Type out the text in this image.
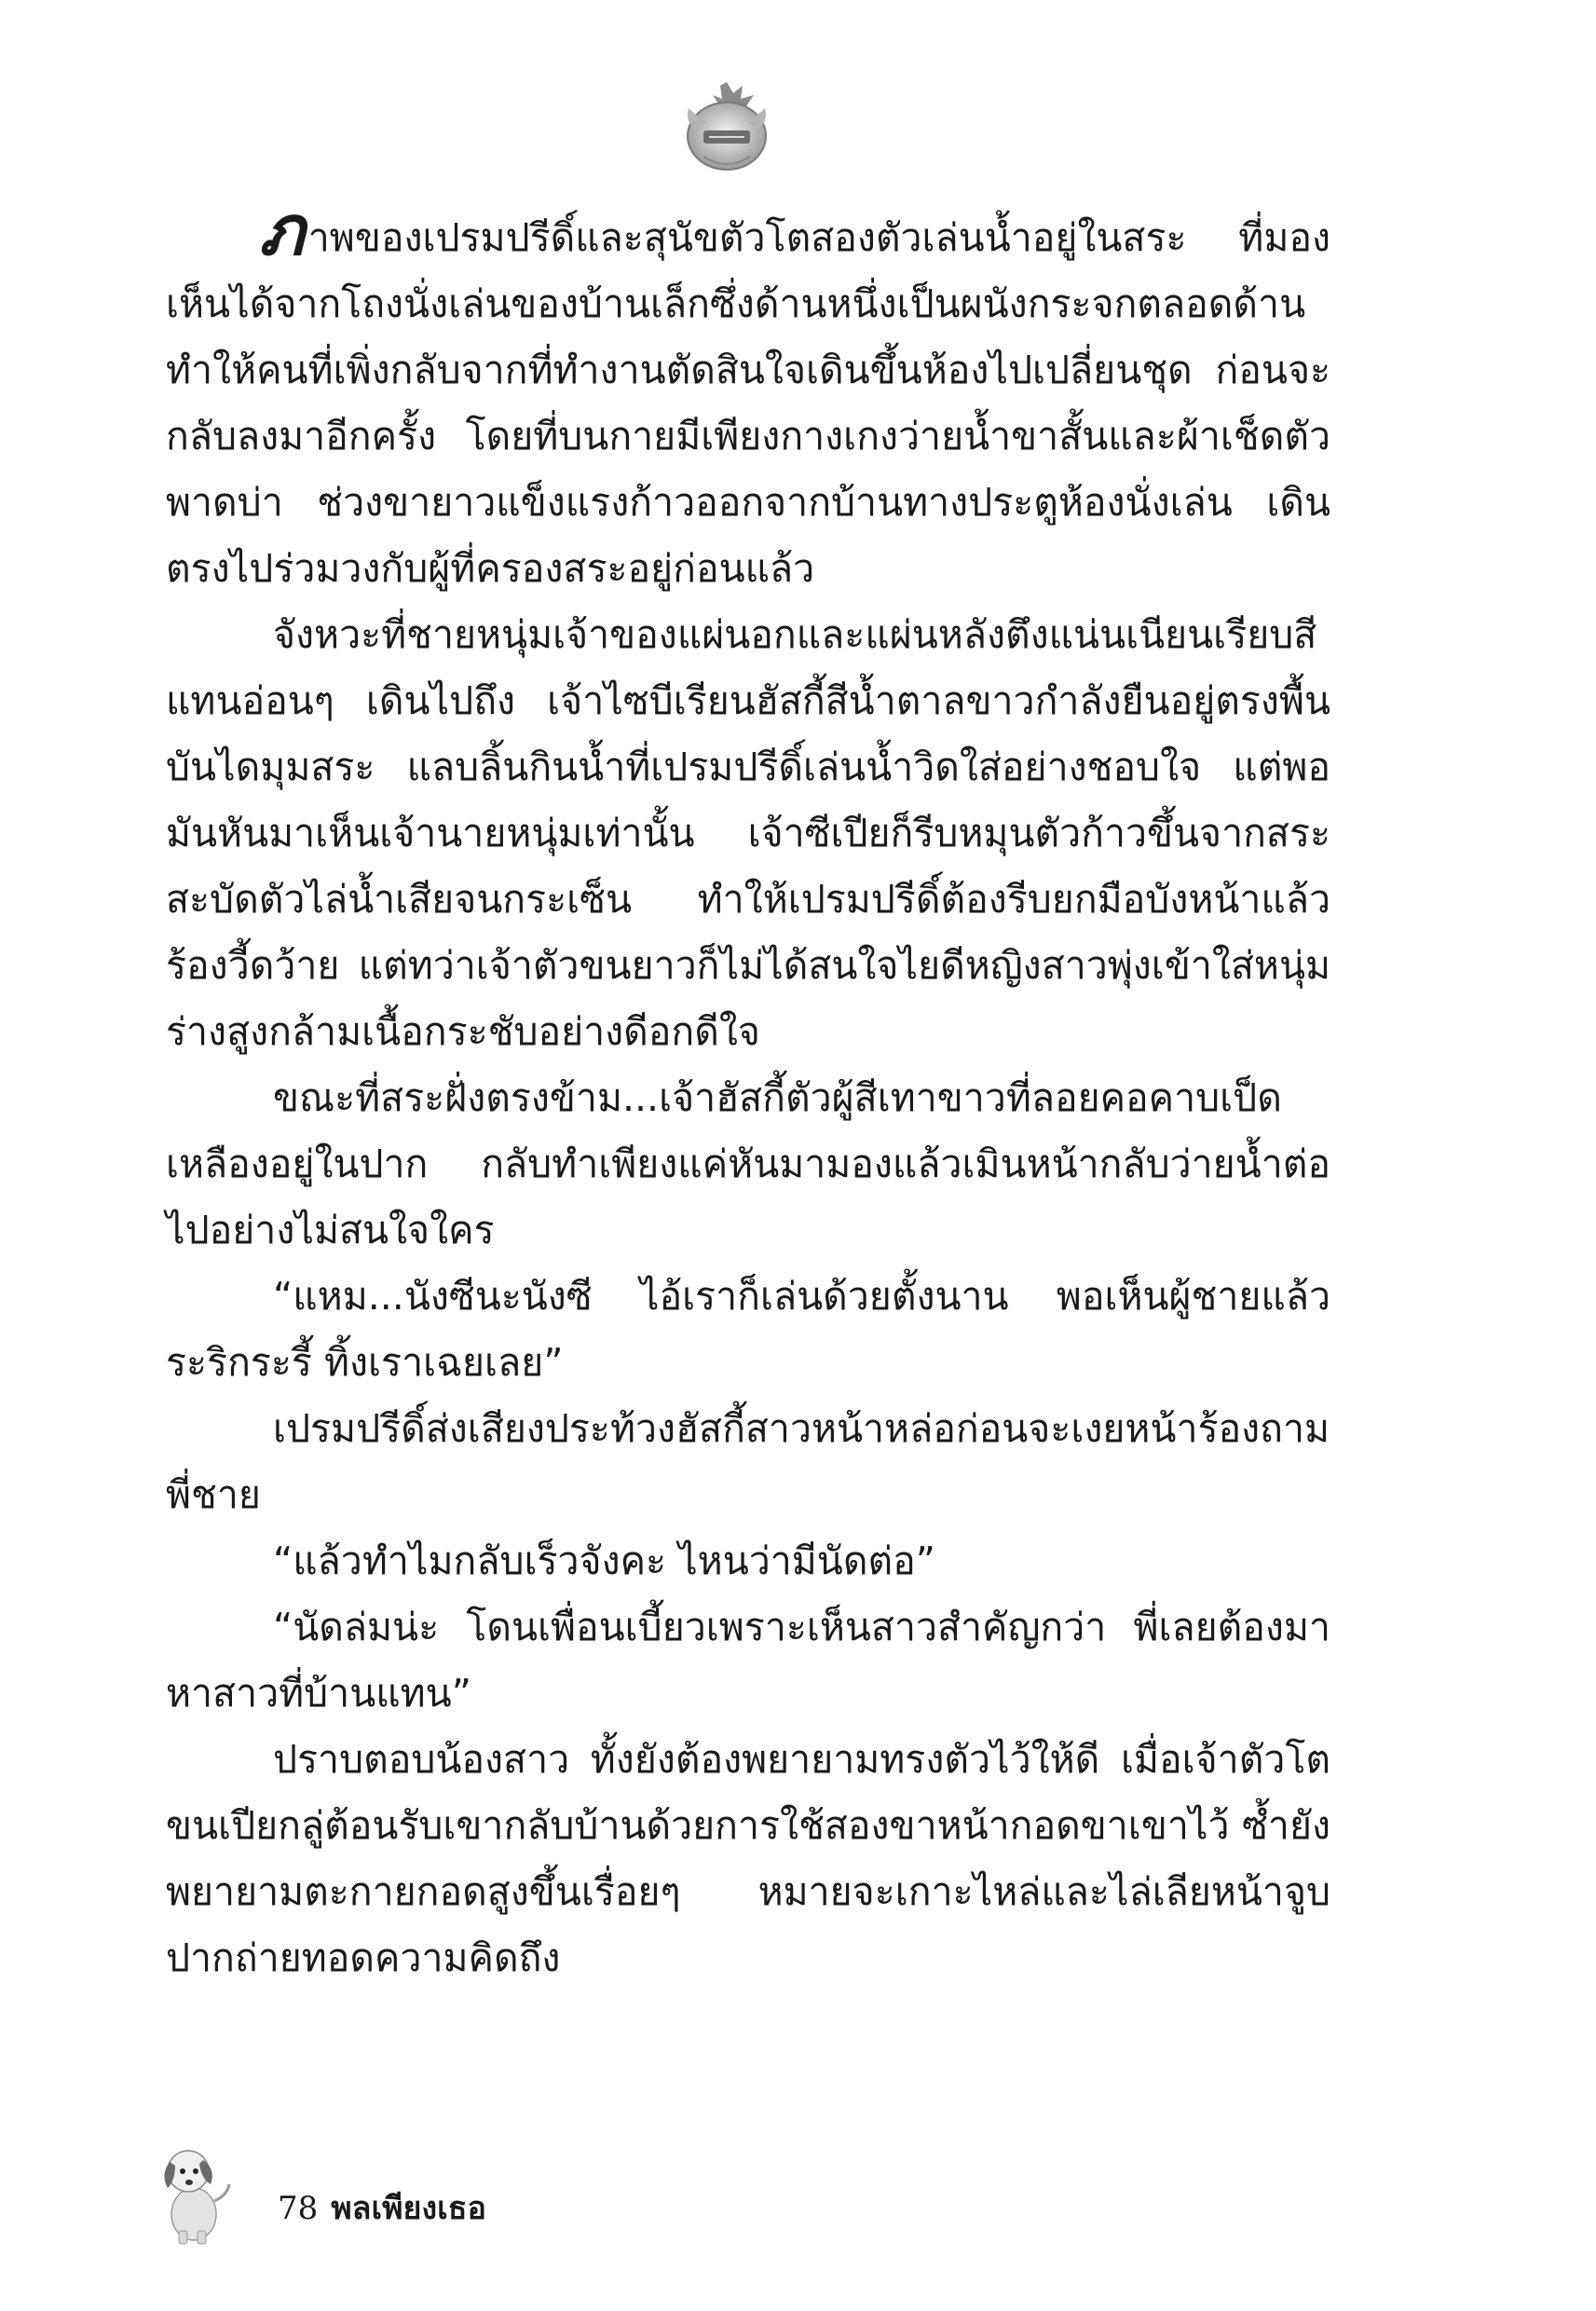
ภาพของเปรมปรีดิ์และสุนัขตัวโตสองตัวเล่นน้ำอยู่ในสระ ที่มองเห็นได้จากโถงนั่งเล่นของบ้านเล็กซึ่งด้านหนึ่งเป็นผนังกระจกตลอดด้าน ทำให้คนที่เพิ่งกลับจากที่ทำงานตัดสินใจเดินขึ้นห้องไปเปลี่ยนชุด ก่อนจะกลับลงมาอีกครั้ง โดยที่บนกายมีเพียงกางเกงว่ายน้ำขาสั้นและผ้าเช็ดตัวพาดบ่า ช่วงขายาวแข็งแรงก้าวออกจากบ้านทางประตูห้องนั่งเล่น เดินตรงไปร่วมวงกับผู้ที่ครองสระอยู่ก่อนแล้ว

จังหวะที่ชายหนุ่มเจ้าของแผ่นอกและแผ่นหลังตึงแน่นเนียนเรียบสีแทนอ่อนๆ เดินไปถึง เจ้าไซบีเรียนฮัสกี้สีน้ำตาลขาวกำลังยืนอยู่ตรงพื้นบันไดมุมสระ แลบลิ้นกินน้ำที่เปรมปรีดิ์เล่นน้ำวิดใส่อย่างชอบใจ แต่พอมันหันมาเห็นเจ้านายหนุ่มเท่านั้น เจ้าซีเปียก็รีบหมุนตัวก้าวขึ้นจากสระ สะบัดตัวไล่น้ำเสียจนกระเซ็น ทำให้เปรมปรีดิ์ต้องรีบยกมือบังหน้าแล้วร้องวี้ดว้าย แต่ทว่าเจ้าตัวขนยาวก็ไม่ได้สนใจไยดีหญิงสาวพุ่งเข้าใส่หนุ่มร่างสูงกล้ามเนื้อกระชับอย่างดีอกดีใจ

ขณะที่สระฝั่งตรงข้าม...เจ้าฮัสกี้ตัวผู้สีเทาขาวที่ลอยคอคาบเป็ดเหลืองอยู่ในปาก กลับทำเพียงแค่หันมามองแล้วเมินหน้ากลับว่ายน้ำต่อไปอย่างไม่สนใจใคร

“แหม...นังซีนะนังซี ไอ้เราก็เล่นด้วยตั้งนาน พอเห็นผู้ชายแล้วระริกระรี้ ทิ้งเราเฉยเลย”

เปรมปรีดิ์ส่งเสียงประท้วงฮัสกี้สาวหน้าหล่อก่อนจะเงยหน้าร้องถามพี่ชาย

“แล้วทำไมกลับเร็วจังคะ ไหนว่ามีนัดต่อ”

“นัดล่มน่ะ โดนเพื่อนเบี้ยวเพราะเห็นสาวสำคัญกว่า พี่เลยต้องมาหาสาวที่บ้านแทน”

ปราบตอบน้องสาว ทั้งยังต้องพยายามทรงตัวไว้ให้ดี เมื่อเจ้าตัวโตขนเปียกลู่ต้อนรับเขากลับบ้านด้วยการใช้สองขาหน้ากอดขาเขาไว้ ซ้ำยังพยายามตะกายกอดสูงขึ้นเรื่อยๆ หมายจะเกาะไหล่และไล่เลียหน้าจูบปากถ่ายทอดความคิดถึง

78 พลเพียงเธอ
